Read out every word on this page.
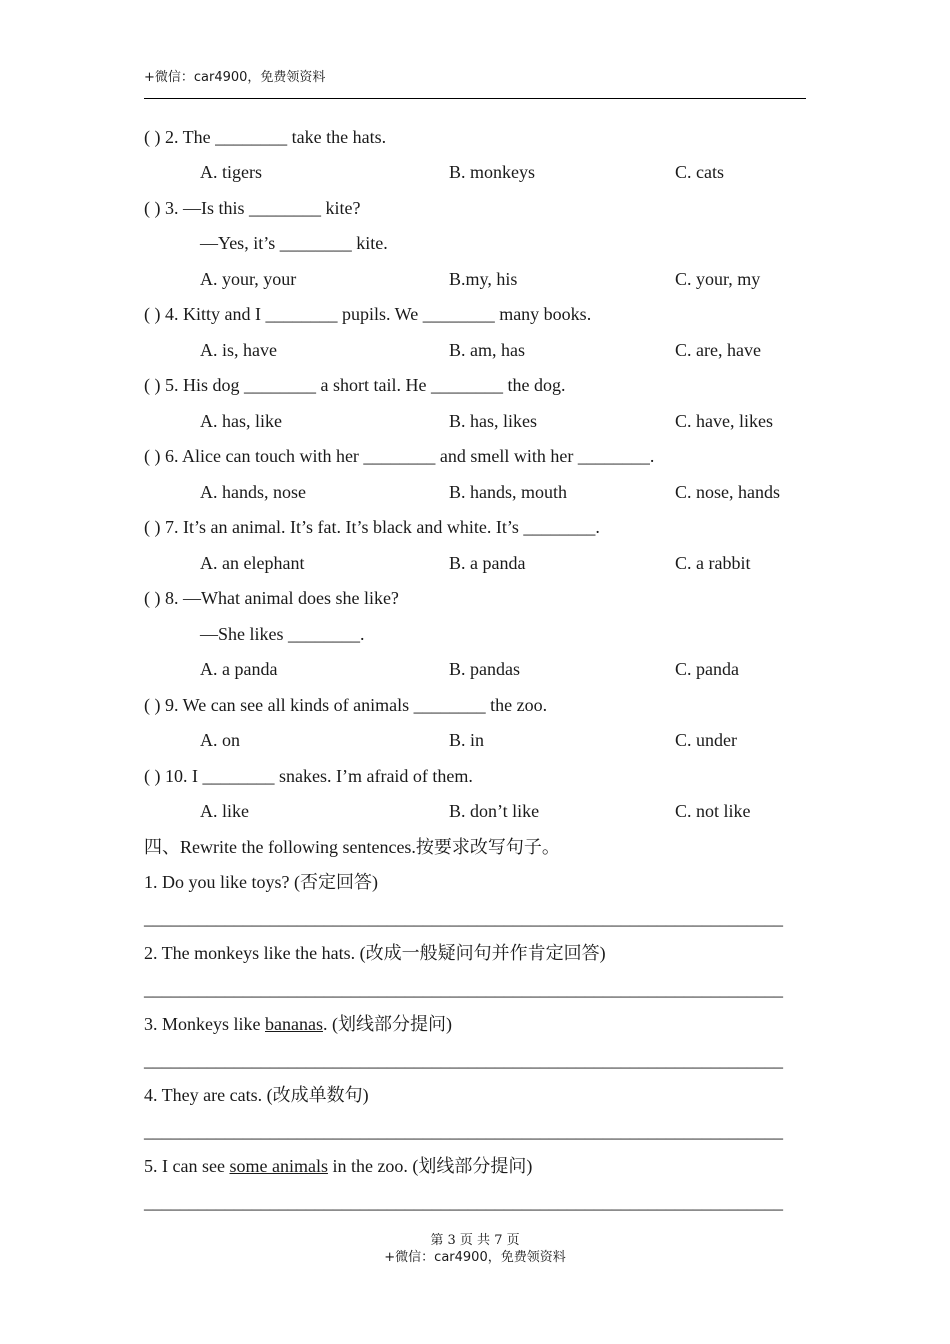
+微信：car4900，免费领资料
( ) 2. The ________ take the hats.
A. tigers	B. monkeys	C. cats
( ) 3. —Is this ________ kite?
—Yes, it’s ________ kite.
A. your, your	B.my, his	C. your, my
( ) 4. Kitty and I ________ pupils. We ________ many books.
A. is, have	B. am, has	C. are, have
( ) 5. His dog ________ a short tail. He ________ the dog.
A. has, like	B. has, likes	C. have, likes
( ) 6. Alice can touch with her ________ and smell with her ________.
A. hands, nose	B. hands, mouth	C. nose, hands
( ) 7. It’s an animal. It’s fat. It’s black and white. It’s ________.
A. an elephant	B. a panda	C. a rabbit
( ) 8. —What animal does she like?
—She likes ________.
A. a panda	B. pandas	C. panda
( ) 9. We can see all kinds of animals ________ the zoo.
A. on	B. in	C. under
( ) 10. I ________ snakes. I’m afraid of them.
A. like	B. don’t like	C. not like
四、Rewrite the following sentences.按要求改写句子。
1. Do you like toys? (否定回答)
_______________________________________________________________________
2. The monkeys like the hats. (改成一般疑问句并作肯定回答)
_______________________________________________________________________
3. Monkeys like bananas. (划线部分提问)
_______________________________________________________________________
4. They are cats. (改成单数句)
_______________________________________________________________________
5. I can see some animals in the zoo. (划线部分提问)
_______________________________________________________________________
第 3 页 共 7 页
+微信：car4900，免费领资料
